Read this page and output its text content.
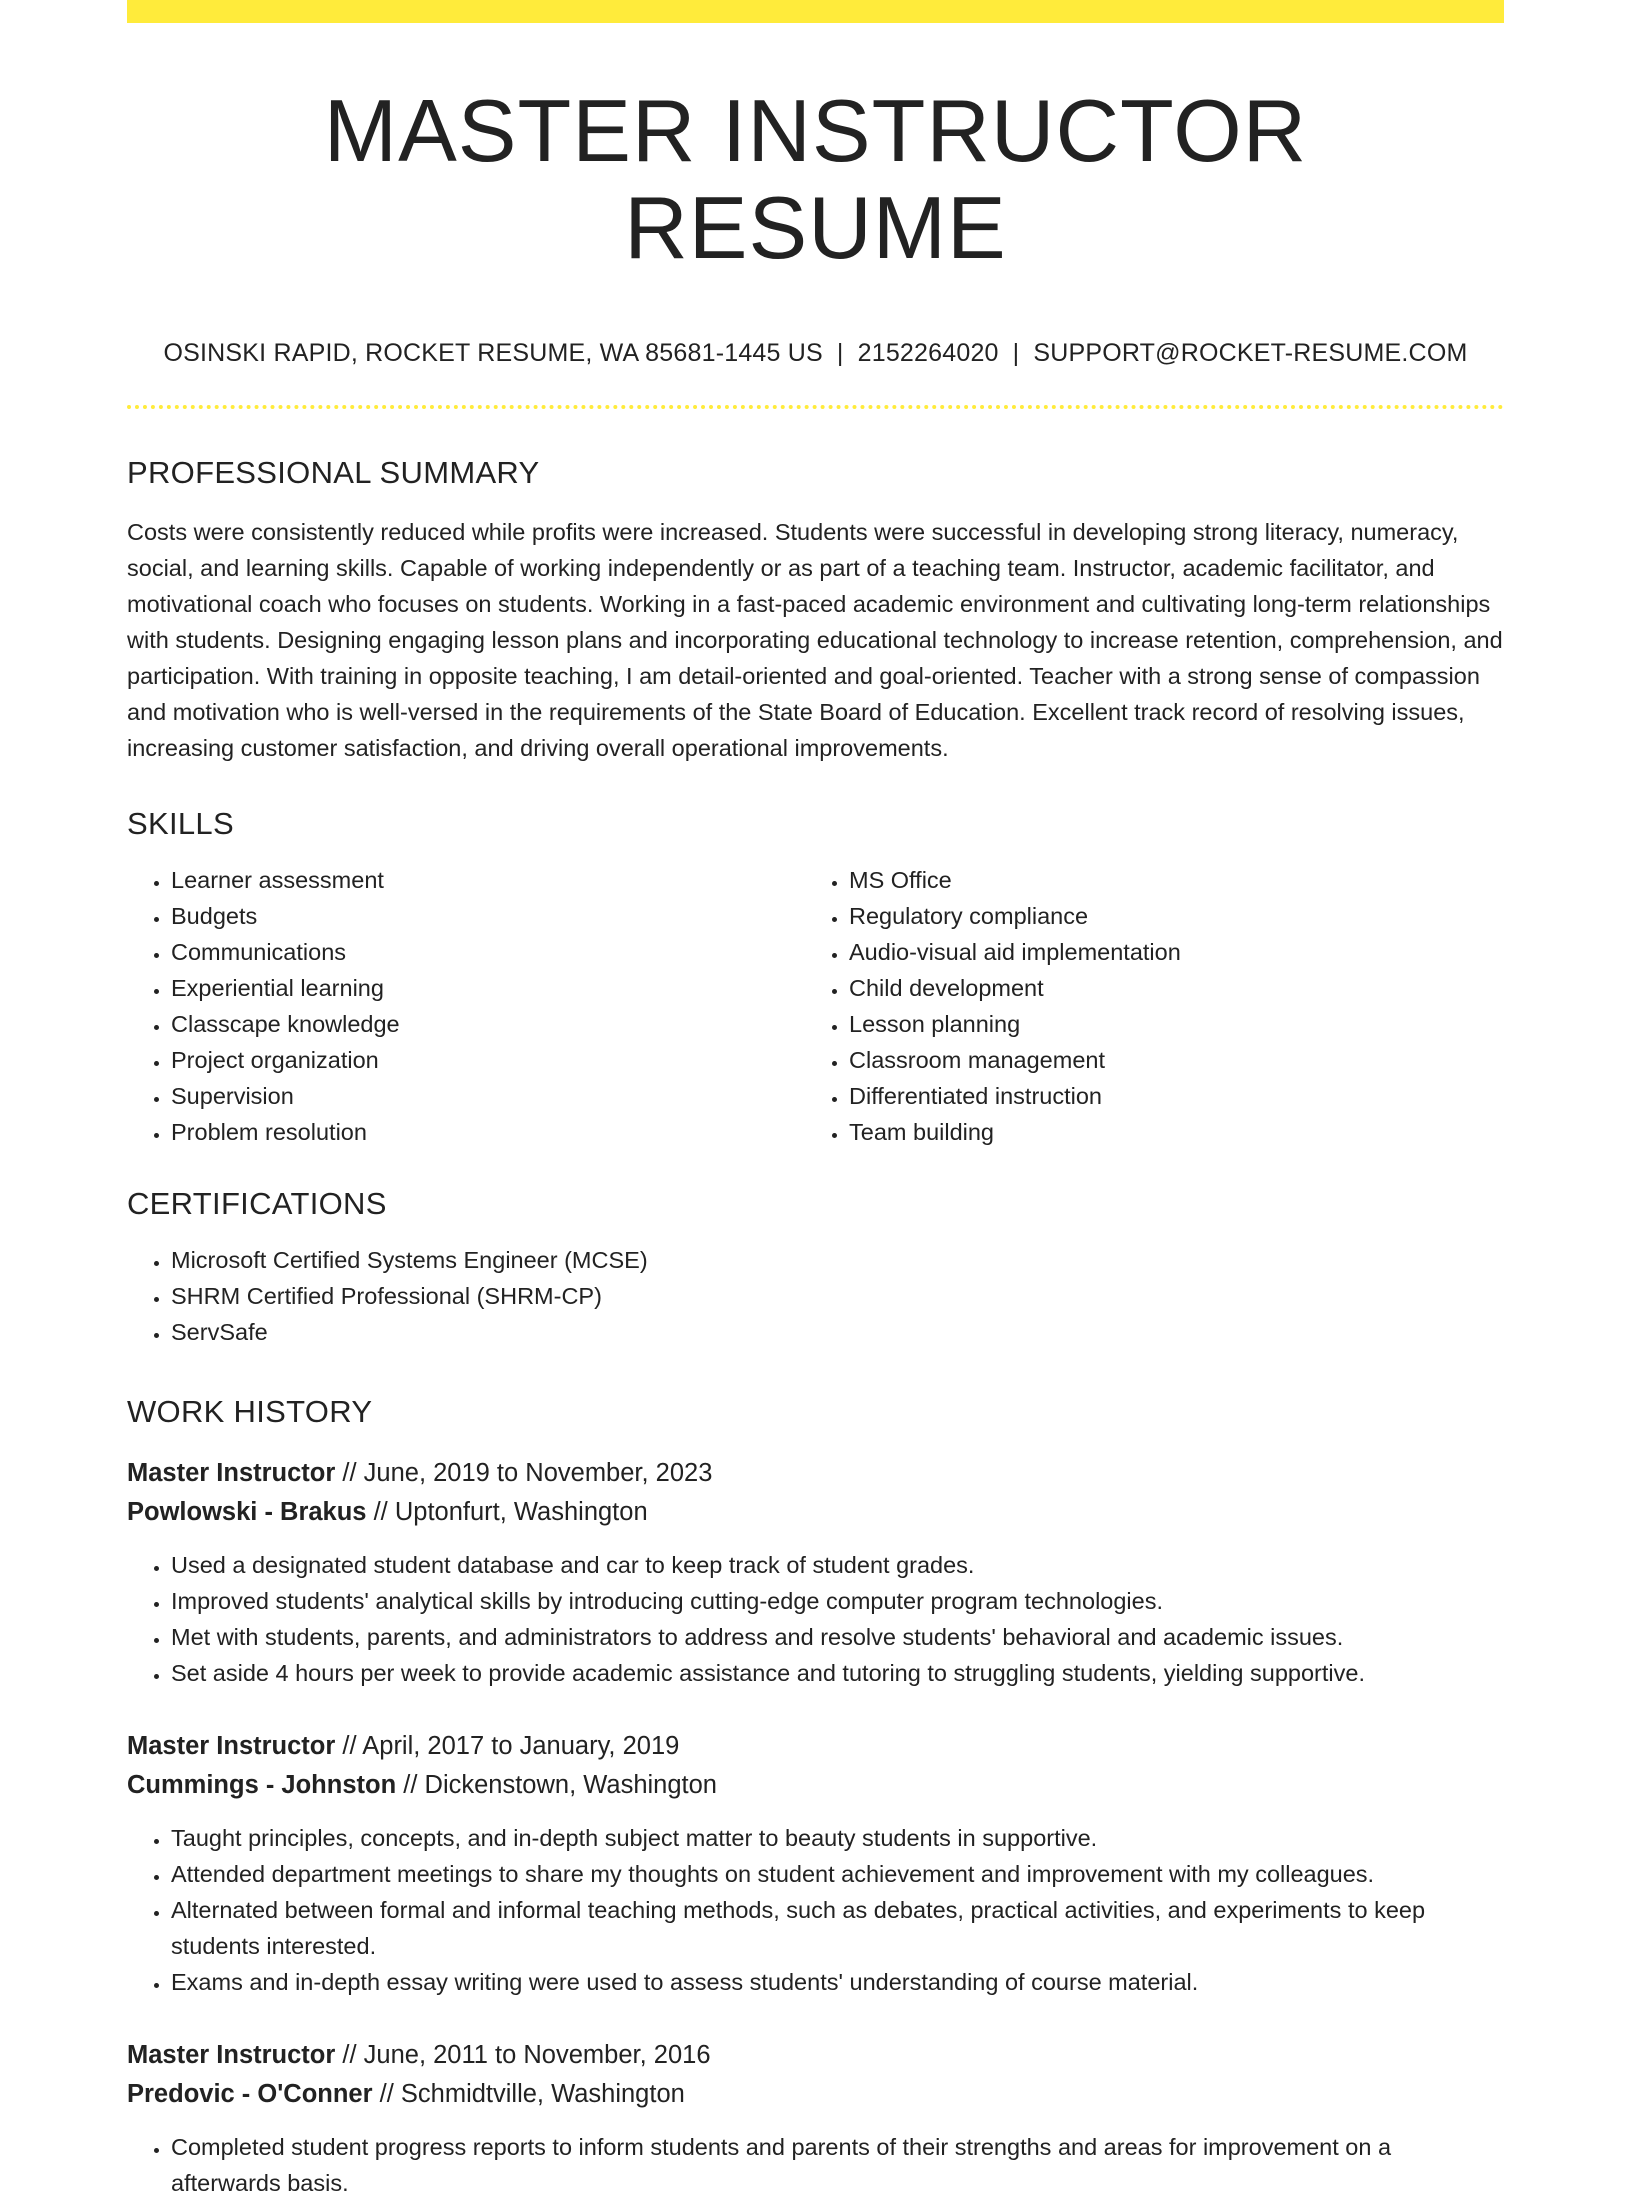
MASTER INSTRUCTOR RESUME
OSINSKI RAPID, ROCKET RESUME, WA 85681-1445 US | 2152264020 | SUPPORT@ROCKET-RESUME.COM
PROFESSIONAL SUMMARY

Costs were consistently reduced while profits were increased. Students were successful in developing strong literacy, numeracy, social, and learning skills. Capable of working independently or as part of a teaching team. Instructor, academic facilitator, and motivational coach who focuses on students. Working in a fast-paced academic environment and cultivating long-term relationships with students. Designing engaging lesson plans and incorporating educational technology to increase retention, comprehension, and participation. With training in opposite teaching, I am detail-oriented and goal-oriented. Teacher with a strong sense of compassion and motivation who is well-versed in the requirements of the State Board of Education. Excellent track record of resolving issues, increasing customer satisfaction, and driving overall operational improvements.

SKILLS
• Learner assessment
• Budgets
• Communications
• Experiential learning
• Classcape knowledge
• Project organization
• Supervision
• Problem resolution
• MS Office
• Regulatory compliance
• Audio-visual aid implementation
• Child development
• Lesson planning
• Classroom management
• Differentiated instruction
• Team building
CERTIFICATIONS
• Microsoft Certified Systems Engineer (MCSE)
• SHRM Certified Professional (SHRM-CP)
• ServSafe
WORK HISTORY
Master Instructor // June, 2019 to November, 2023
Powlowski - Brakus // Uptonfurt, Washington
• Used a designated student database and car to keep track of student grades.
• Improved students' analytical skills by introducing cutting-edge computer program technologies.
• Met with students, parents, and administrators to address and resolve students' behavioral and academic issues.
• Set aside 4 hours per week to provide academic assistance and tutoring to struggling students, yielding supportive.
Master Instructor // April, 2017 to January, 2019
Cummings - Johnston // Dickenstown, Washington
• Taught principles, concepts, and in-depth subject matter to beauty students in supportive.
• Attended department meetings to share my thoughts on student achievement and improvement with my colleagues.
• Alternated between formal and informal teaching methods, such as debates, practical activities, and experiments to keep students interested.
• Exams and in-depth essay writing were used to assess students' understanding of course material.
Master Instructor // June, 2011 to November, 2016
Predovic - O'Conner // Schmidtville, Washington
• Completed student progress reports to inform students and parents of their strengths and areas for improvement on a afterwards basis.
